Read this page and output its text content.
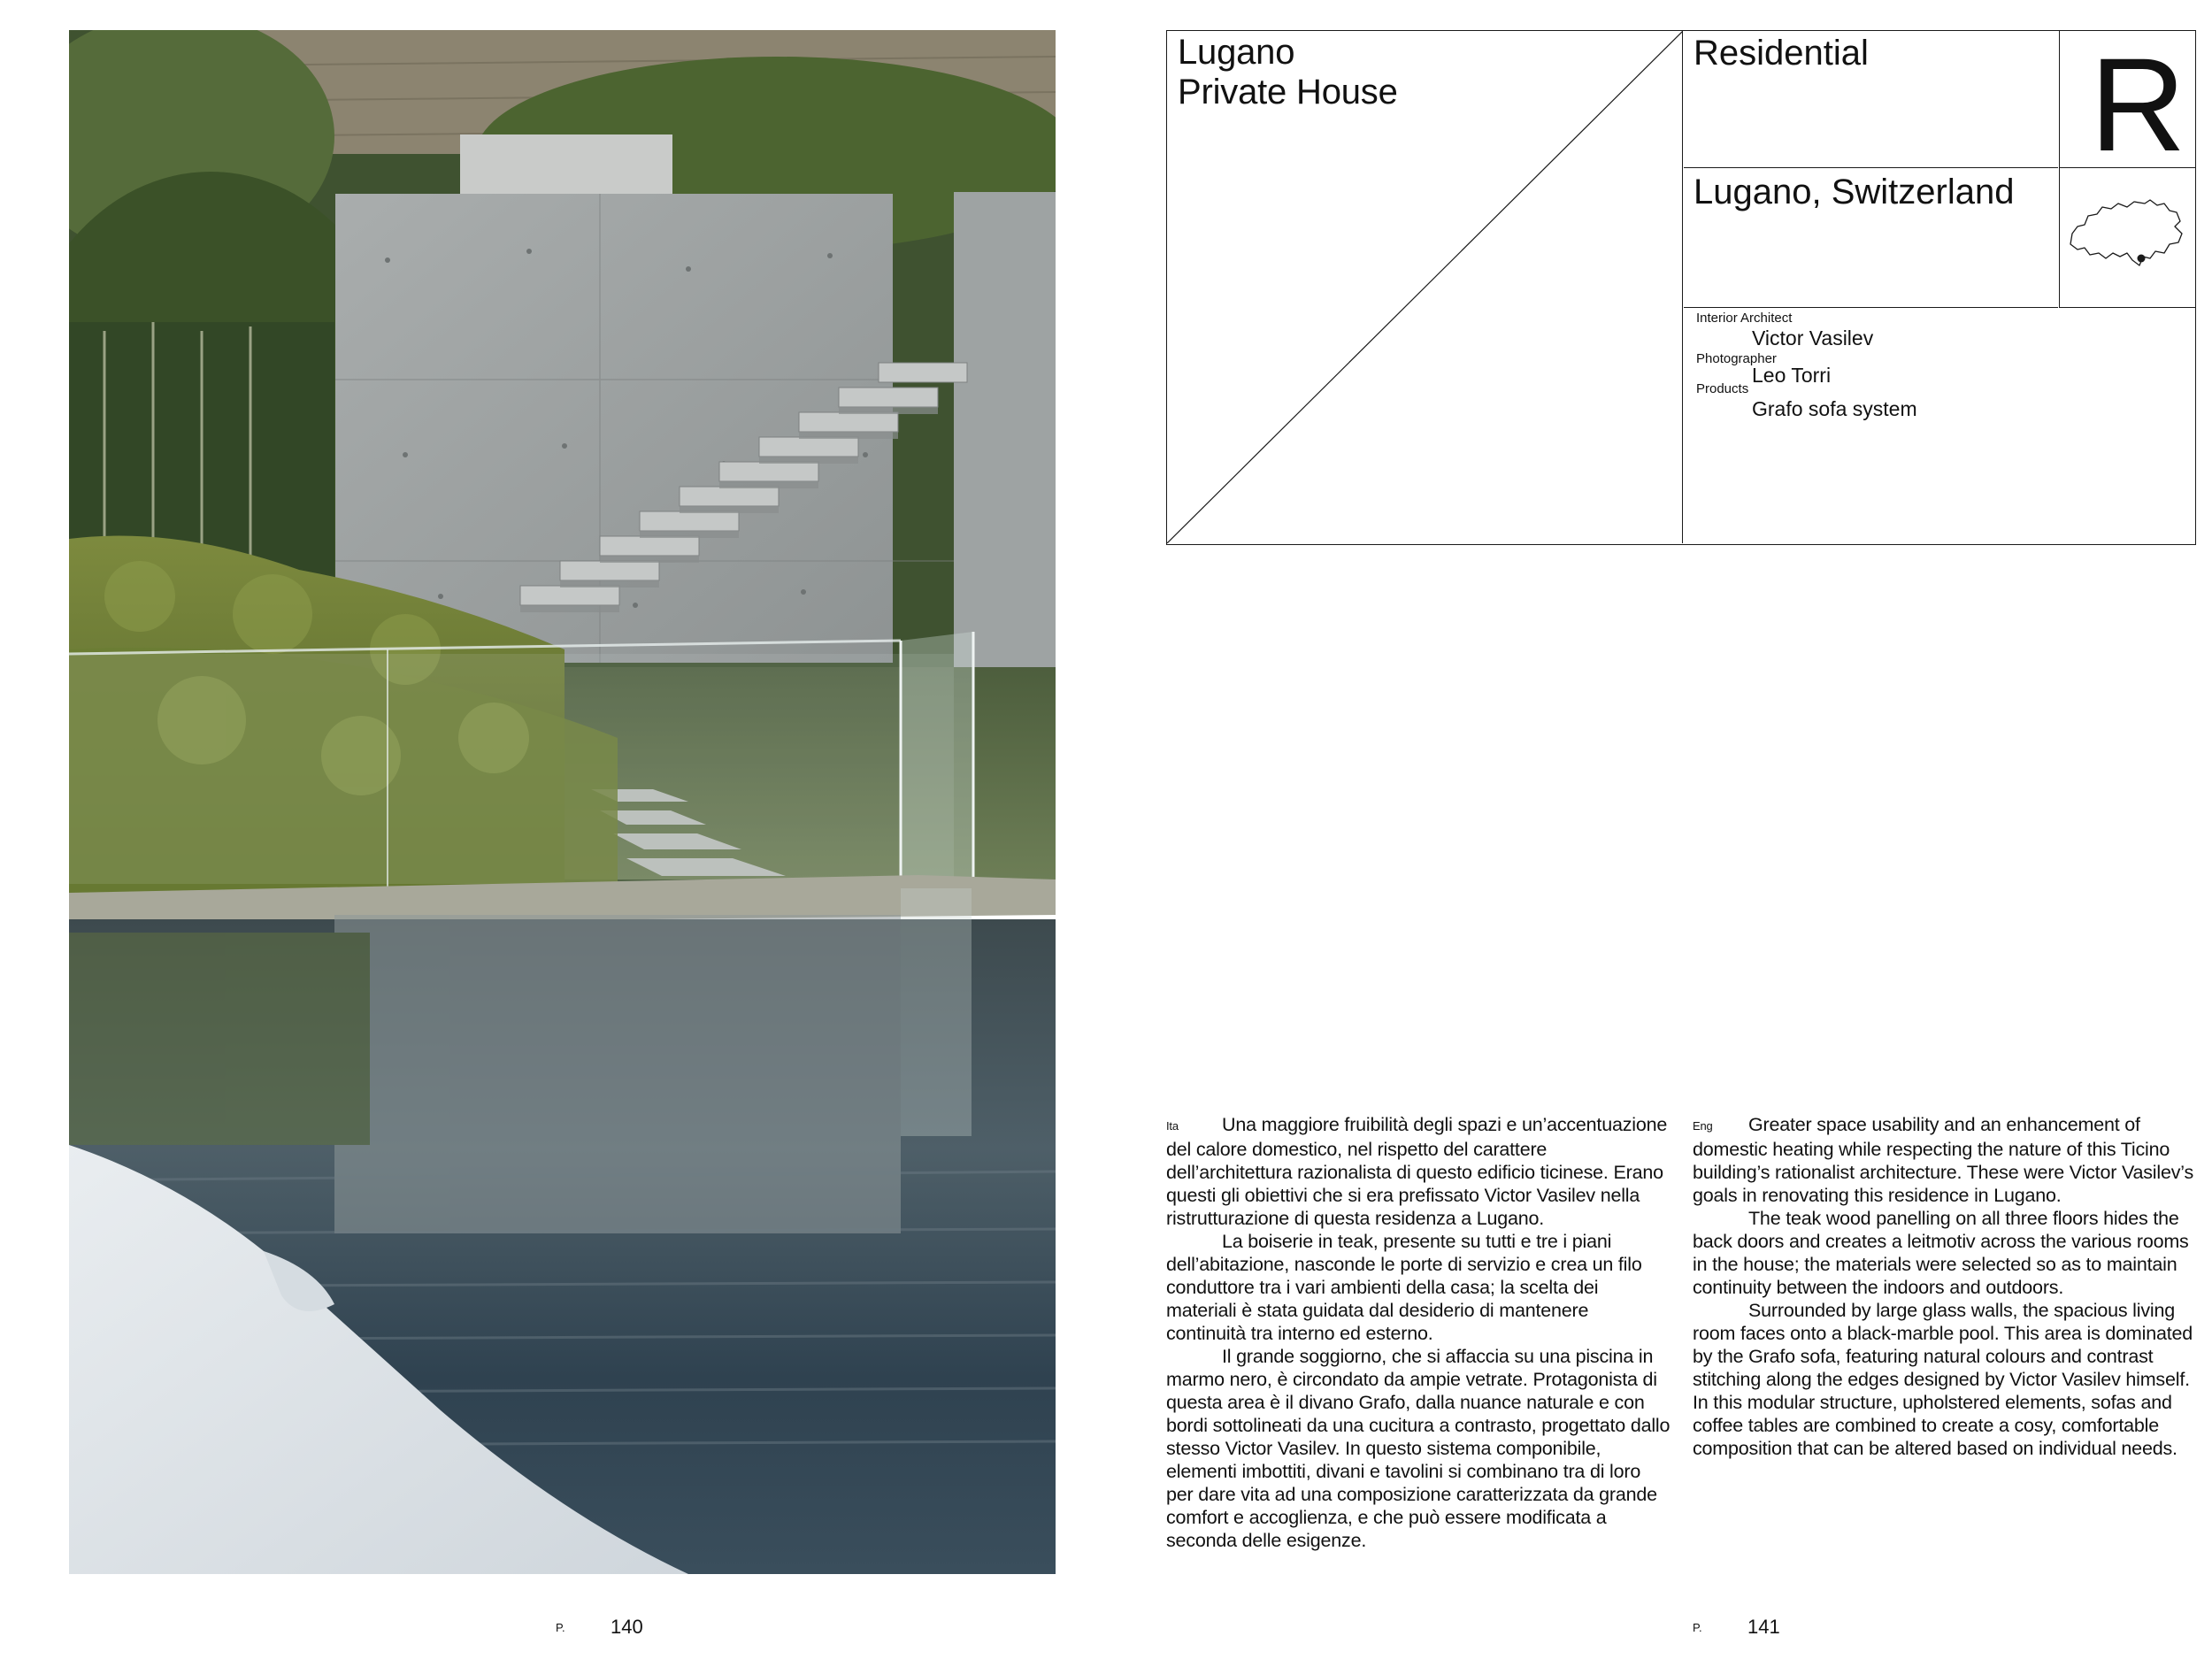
P. 140
Lugano
Private House
Residential R
Lugano, Switzerland
Interior Architect
Victor Vasilev
Photographer
Leo Torri
Products
Grafo sofa system

Ita Una maggiore fruibilità degli spazi e un’accentuazione del calore domestico, nel rispetto del carattere dell’architettura razionalista di questo edificio ticinese. Erano questi gli obiettivi che si era prefissato Victor Vasilev nella ristrutturazione di questa residenza a Lugano.

La boiserie in teak, presente su tutti e tre i piani dell’abitazione, nasconde le porte di servizio e crea un filo conduttore tra i vari ambienti della casa; la scelta dei materiali è stata guidata dal desiderio di mantenere continuità tra interno ed esterno.

Il grande soggiorno, che si affaccia su una piscina in marmo nero, è circondato da ampie vetrate. Protagonista di questa area è il divano Grafo, dalla nuance naturale e con bordi sottolineati da una cucitura a contrasto, progettato dallo stesso Victor Vasilev. In questo sistema componibile, elementi imbottiti, divani e tavolini si combinano tra di loro per dare vita ad una composizione caratterizzata da grande comfort e accoglienza, e che può essere modificata a seconda delle esigenze.

Eng Greater space usability and an enhancement of domestic heating while respecting the nature of this Ticino building’s rationalist architecture. These were Victor Vasilev’s goals in renovating this residence in Lugano.

The teak wood panelling on all three floors hides the back doors and creates a leitmotiv across the various rooms in the house; the materials were selected so as to maintain continuity between the indoors and outdoors.

Surrounded by large glass walls, the spacious living room faces onto a black-marble pool. This area is dominated by the Grafo sofa, featuring natural colours and contrast stitching along the edges designed by Victor Vasilev himself. In this modular structure, upholstered elements, sofas and coffee tables are combined to create a cosy, comfortable composition that can be altered based on individual needs.

P. 141
